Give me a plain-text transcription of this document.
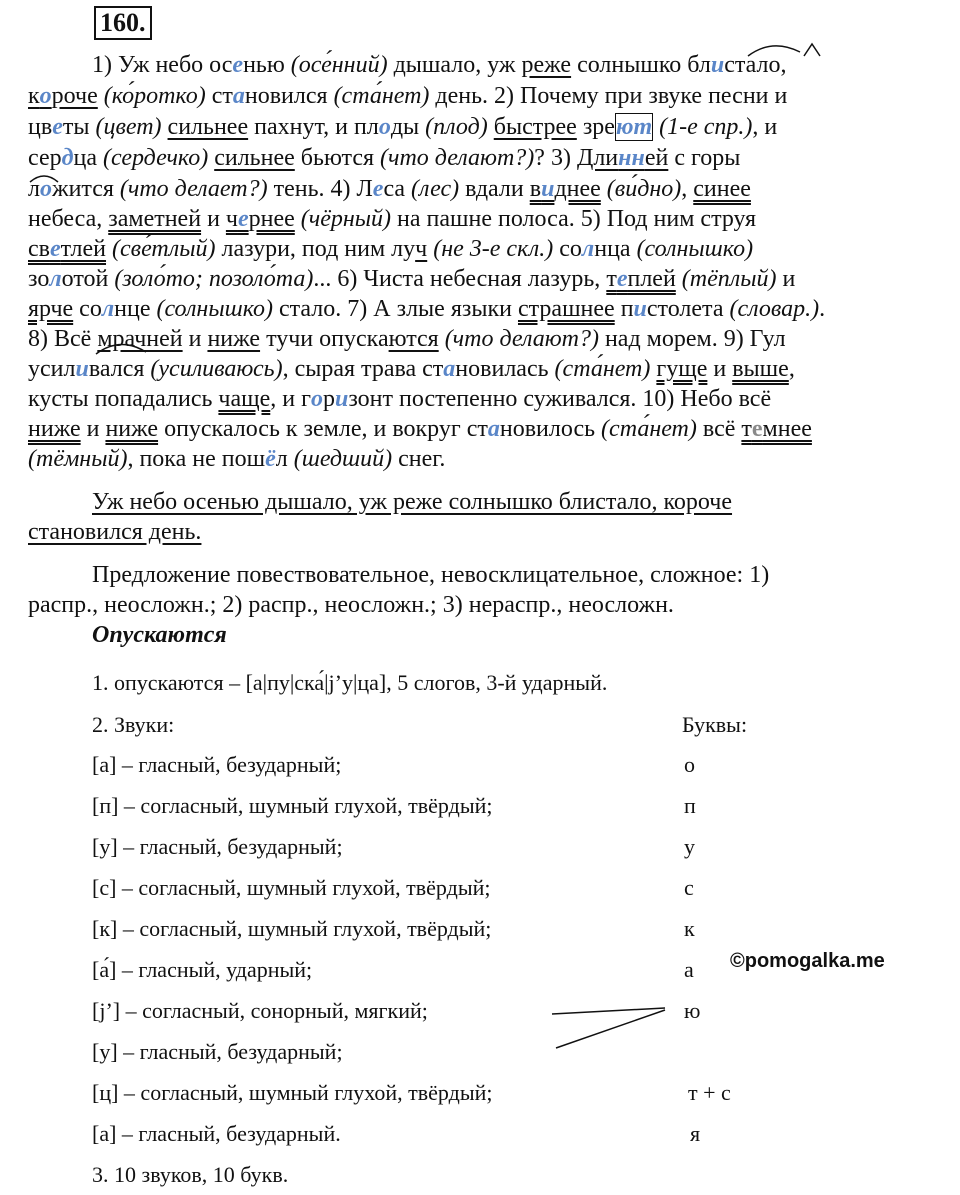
160.
1) Уж небо осенью (осе́нний) дышало, уж реже солнышко блистало,
короче (ко́ротко) становился (ста́нет) день. 2) Почему при звуке песни и
цветы (цвет) сильнее пахнут, и плоды (плод) быстрее зреют (1-е спр.), и
сердца (сердечко) сильнее бьются (что делают?)? 3) Длинней с горы
ложится (что делает?) тень. 4) Леса (лес) вдали виднее (ви́дно), синее
небеса, заметней и чернее (чёрный) на пашне полоса. 5) Под ним струя
светлей (све́тлый) лазури, под ним луч (не 3-е скл.) солнца (солнышко)
золотой (золо́то; позоло́та)... 6) Чиста небесная лазурь, теплей (тёплый) и
ярче солнце (солнышко) стало. 7) А злые языки страшнее пистолета (словар.).
8) Всё мрачней и ниже тучи опускаются (что делают?) над морем. 9) Гул
усиливался (усиливаюсь), сырая трава становилась (ста́нет) гуще и выше,
кусты попадались чаще, и горизонт постепенно суживался. 10) Небо всё
ниже и ниже опускалось к земле, и вокруг становилось (ста́нет) всё темнее
(тёмный), пока не пошёл (шедший) снег.
Уж небо осенью дышало, уж реже солнышко блистало, короче
становился день.
Предложение повествовательное, невосклицательное, сложное: 1)
распр., неосложн.; 2) распр., неосложн.; 3) нераспр., неосложн.
Опускаются
1. опускаются – [а|пу|ска́|j’у|ца], 5 слогов, 3-й ударный.
2. Звуки:	Буквы:
[а] – гласный, безударный;	о
[п] – согласный, шумный глухой, твёрдый;	п
[у] – гласный, безударный;	у
[с] – согласный, шумный глухой, твёрдый;	с
[к] – согласный, шумный глухой, твёрдый;	к
[а́] – гласный, ударный;	а
[j’] – согласный, сонорный, мягкий;	ю
[у] – гласный, безударный;
[ц] – согласный, шумный глухой, твёрдый;	т + с
[а] – гласный, безударный.	я
3. 10 звуков, 10 букв.
©pomogalka.me
